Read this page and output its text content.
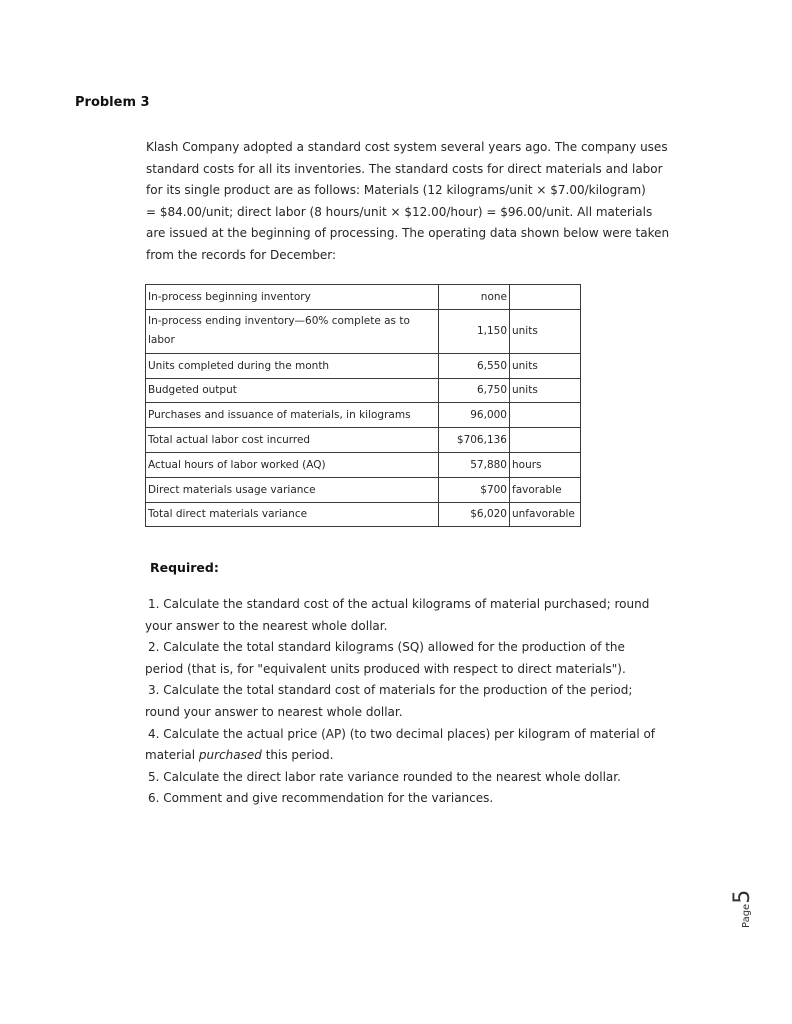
Problem 3
Klash Company adopted a standard cost system several years ago. The company uses
standard costs for all its inventories. The standard costs for direct materials and labor
for its single product are as follows: Materials (12 kilograms/unit × $7.00/kilogram)
= $84.00/unit; direct labor (8 hours/unit × $12.00/hour) = $96.00/unit. All materials
are issued at the beginning of processing. The operating data shown below were taken
from the records for December:
In-process beginning inventory	none	
In-process ending inventory—60% complete as to
labor	1,150	units
Units completed during the month	6,550	units
Budgeted output	6,750	units
Purchases and issuance of materials, in kilograms	96,000	
Total actual labor cost incurred	$706,136	
Actual hours of labor worked (AQ)	57,880	hours
Direct materials usage variance	$700	favorable
Total direct materials variance	$6,020	unfavorable
Required:
1. Calculate the standard cost of the actual kilograms of material purchased; round
your answer to the nearest whole dollar.
2. Calculate the total standard kilograms (SQ) allowed for the production of the
period (that is, for "equivalent units produced with respect to direct materials").
3. Calculate the total standard cost of materials for the production of the period;
round your answer to nearest whole dollar.
4. Calculate the actual price (AP) (to two decimal places) per kilogram of material of
material purchased this period.
5. Calculate the direct labor rate variance rounded to the nearest whole dollar.
6. Comment and give recommendation for the variances.
Page5
